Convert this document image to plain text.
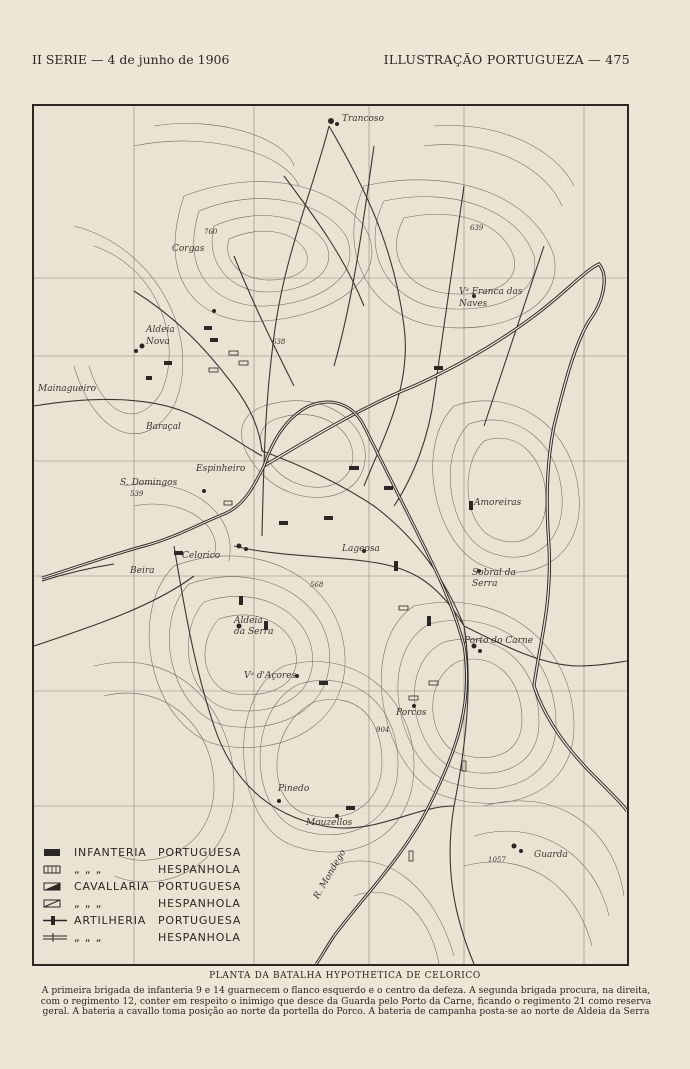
II SERIE — 4 de junho de 1906	ILLUSTRAÇÃO PORTUGUEZA — 475
Trancoso
Corgas
Aldeia Nova
Mainagueiro
Vᵃ Franca das Naves
Baraçal
S. Domingos
Espinheiro
Celorico
Beira
Lageosa
Amoreiras
Sobral da Serra
Porto do Carne
Aldeia da Serra
Vᵃ d'Açores
Porcos
Pinedo
Guarda
R. Mondego
Mouzellos
760
638
639
539
568
1057
904
INFANTERIA PORTUGUESA
„ „ „	HESPANHOLA
CAVALLARIA PORTUGUESA
„ „ „	HESPANHOLA
ARTILHERIA PORTUGUESA
„ „ „	HESPANHOLA
PLANTA DA BATALHA HYPOTHETICA DE CELORICO
A primeira brigada de infanteria 9 e 14 guarnecem o flanco esquerdo e o centro da defeza. A segunda brigada procura, na direita, com o regimento 12, conter em respeito o inimigo que desce da Guarda pelo Porto da Carne, ficando o regimento 21 como reserva geral. A bateria a cavallo toma posição ao norte da portella do Porco. A bateria de campanha posta-se ao norte de Aldeia da Serra
